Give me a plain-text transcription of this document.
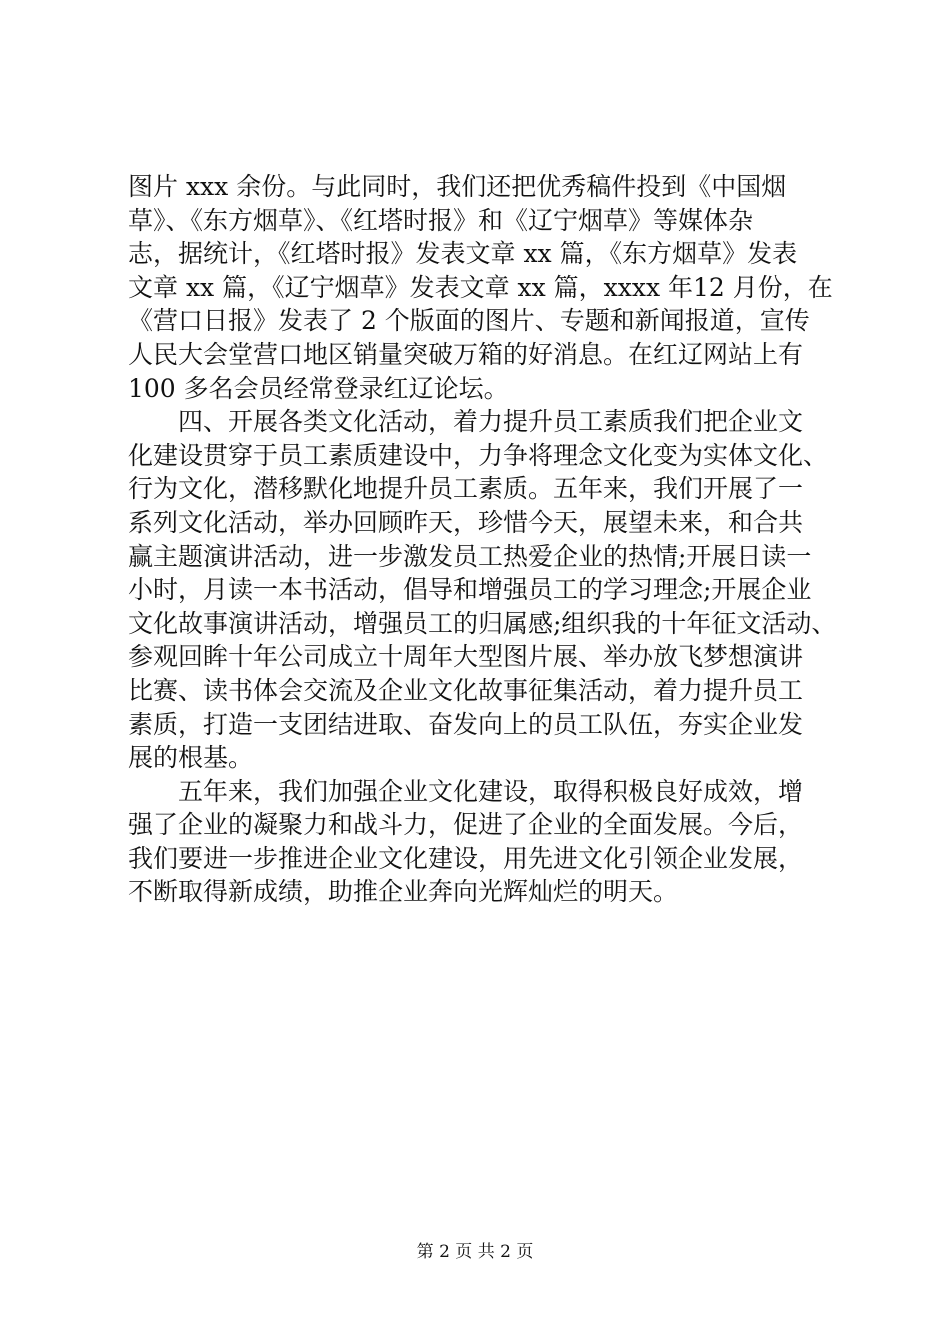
图片 xxx 余份。与此同时，我们还把优秀稿件投到《中国烟
草》、《东方烟草》、《红塔时报》和《辽宁烟草》等媒体杂
志，据统计，《红塔时报》发表文章 xx 篇，《东方烟草》发表
文章 xx 篇，《辽宁烟草》发表文章 xx 篇，xxxx 年12 月份，在
《营口日报》发表了 2 个版面的图片、专题和新闻报道，宣传
人民大会堂营口地区销量突破万箱的好消息。在红辽网站上有
100 多名会员经常登录红辽论坛。
四、开展各类文化活动，着力提升员工素质我们把企业文
化建设贯穿于员工素质建设中，力争将理念文化变为实体文化、
行为文化，潜移默化地提升员工素质。五年来，我们开展了一
系列文化活动，举办回顾昨天，珍惜今天，展望未来，和合共
赢主题演讲活动，进一步激发员工热爱企业的热情;开展日读一
小时，月读一本书活动，倡导和增强员工的学习理念;开展企业
文化故事演讲活动，增强员工的归属感;组织我的十年征文活动、
参观回眸十年公司成立十周年大型图片展、举办放飞梦想演讲
比赛、读书体会交流及企业文化故事征集活动，着力提升员工
素质，打造一支团结进取、奋发向上的员工队伍，夯实企业发
展的根基。
五年来，我们加强企业文化建设，取得积极良好成效，增
强了企业的凝聚力和战斗力，促进了企业的全面发展。今后，
我们要进一步推进企业文化建设，用先进文化引领企业发展，
不断取得新成绩，助推企业奔向光辉灿烂的明天。
第 2 页 共 2 页
